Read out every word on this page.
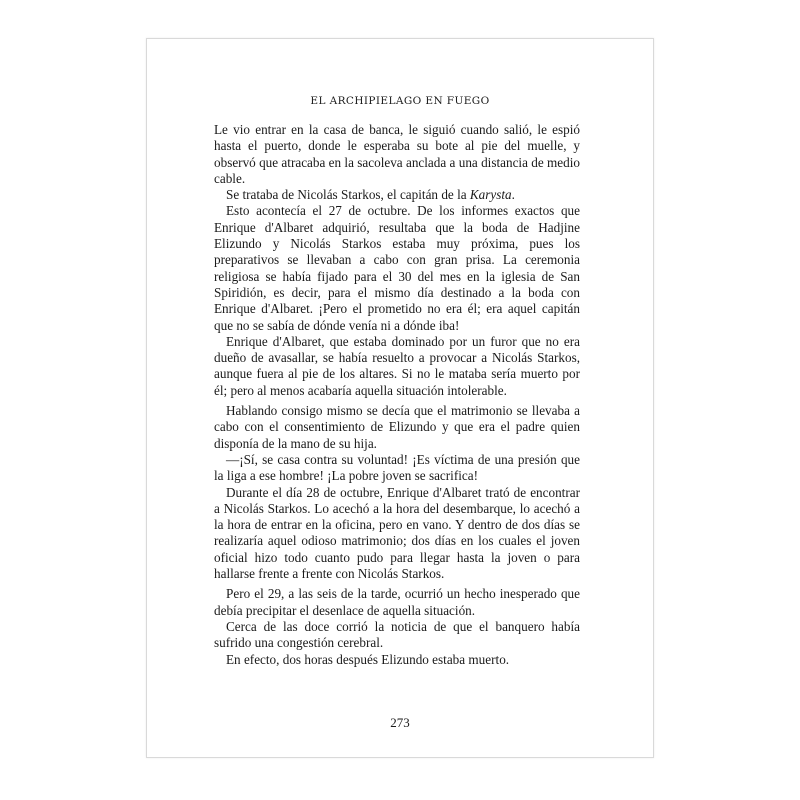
EL ARCHIPIELAGO EN FUEGO

Le vio entrar en la casa de banca, le siguió cuando salió, le espió hasta el puerto, donde le esperaba su bote al pie del muelle, y observó que atracaba en la sacoleva anclada a una distancia de medio cable.

Se trataba de Nicolás Starkos, el capitán de la Karysta.

Esto acontecía el 27 de octubre. De los informes exactos que Enrique d'Albaret adquirió, resultaba que la boda de Hadjine Elizundo y Nicolás Starkos estaba muy próxima, pues los preparativos se llevaban a cabo con gran prisa. La ceremonia religiosa se había fijado para el 30 del mes en la iglesia de San Spiridión, es decir, para el mismo día destinado a la boda con Enrique d'Albaret. ¡Pero el prometido no era él; era aquel capitán que no se sabía de dónde venía ni a dónde iba!

Enrique d'Albaret, que estaba dominado por un furor que no era dueño de avasallar, se había resuelto a provocar a Nicolás Starkos, aunque fuera al pie de los altares. Si no le mataba sería muerto por él; pero al menos acabaría aquella situación intolerable.

Hablando consigo mismo se decía que el matrimonio se llevaba a cabo con el consentimiento de Elizundo y que era el padre quien disponía de la mano de su hija.

—¡Sí, se casa contra su voluntad! ¡Es víctima de una presión que la liga a ese hombre! ¡La pobre joven se sacrifica!

Durante el día 28 de octubre, Enrique d'Albaret trató de encontrar a Nicolás Starkos. Lo acechó a la hora del desembarque, lo acechó a la hora de entrar en la oficina, pero en vano. Y dentro de dos días se realizaría aquel odioso matrimonio; dos días en los cuales el joven oficial hizo todo cuanto pudo para llegar hasta la joven o para hallarse frente a frente con Nicolás Starkos.

Pero el 29, a las seis de la tarde, ocurrió un hecho inesperado que debía precipitar el desenlace de aquella situación.

Cerca de las doce corrió la noticia de que el banquero había sufrido una congestión cerebral.

En efecto, dos horas después Elizundo estaba muerto.

273
